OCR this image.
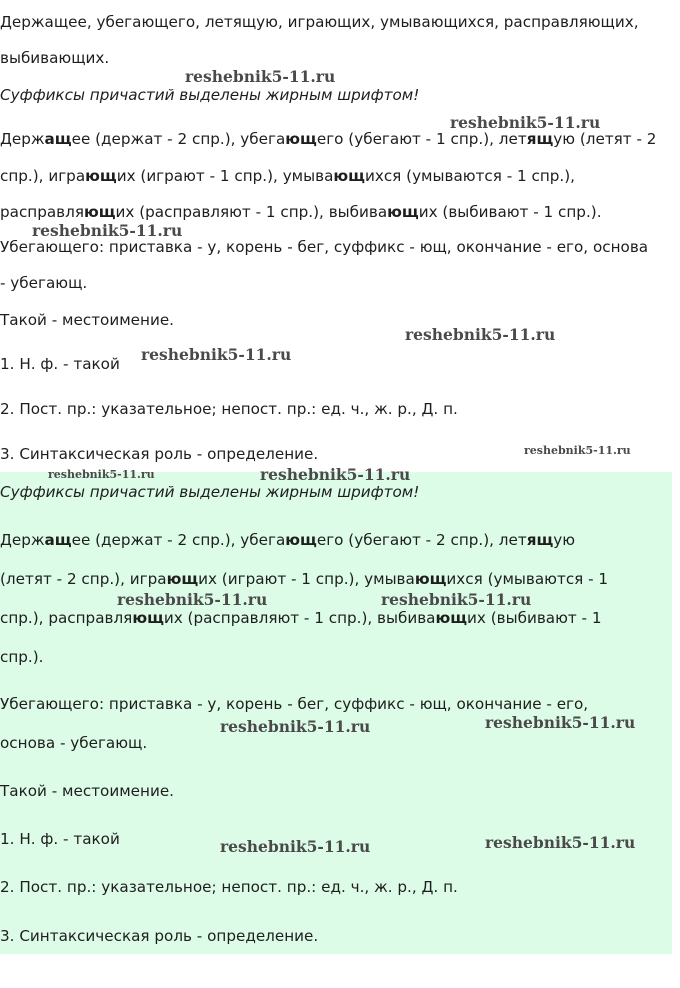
Держащее, убегающего, летящую, играющих, умывающихся, расправляющих,
выбивающих.
Суффиксы причастий выделены жирным шрифтом!
Держащее (держат - 2 спр.), убегающего (убегают - 1 спр.), летящую (летят - 2
спр.), играющих (играют - 1 спр.), умывающихся (умываются - 1 спр.),
расправляющих (расправляют - 1 спр.), выбивающих (выбивают - 1 спр.).
Убегающего: приставка - у, корень - бег, суффикс - ющ, окончание - его, основа
- убегающ.
Такой - местоимение.
1. Н. ф. - такой
2. Пост. пр.: указательное; непост. пр.: ед. ч., ж. р., Д. п.
3. Синтаксическая роль - определение.
Суффиксы причастий выделены жирным шрифтом!
Держащее (держат - 2 спр.), убегающего (убегают - 2 спр.), летящую
(летят - 2 спр.), играющих (играют - 1 спр.), умывающихся (умываются - 1
спр.), расправляющих (расправляют - 1 спр.), выбивающих (выбивают - 1
спр.).
Убегающего: приставка - у, корень - бег, суффикс - ющ, окончание - его,
основа - убегающ.
Такой - местоимение.
1. Н. ф. - такой
2. Пост. пр.: указательное; непост. пр.: ед. ч., ж. р., Д. п.
3. Синтаксическая роль - определение.
reshebnik5-11.ru
reshebnik5-11.ru
reshebnik5-11.ru
reshebnik5-11.ru
reshebnik5-11.ru
reshebnik5-11.ru
reshebnik5-11.ru	reshebnik5-11.ru
reshebnik5-11.ru	reshebnik5-11.ru
reshebnik5-11.ru
reshebnik5-11.ru
reshebnik5-11.ru
reshebnik5-11.ru
